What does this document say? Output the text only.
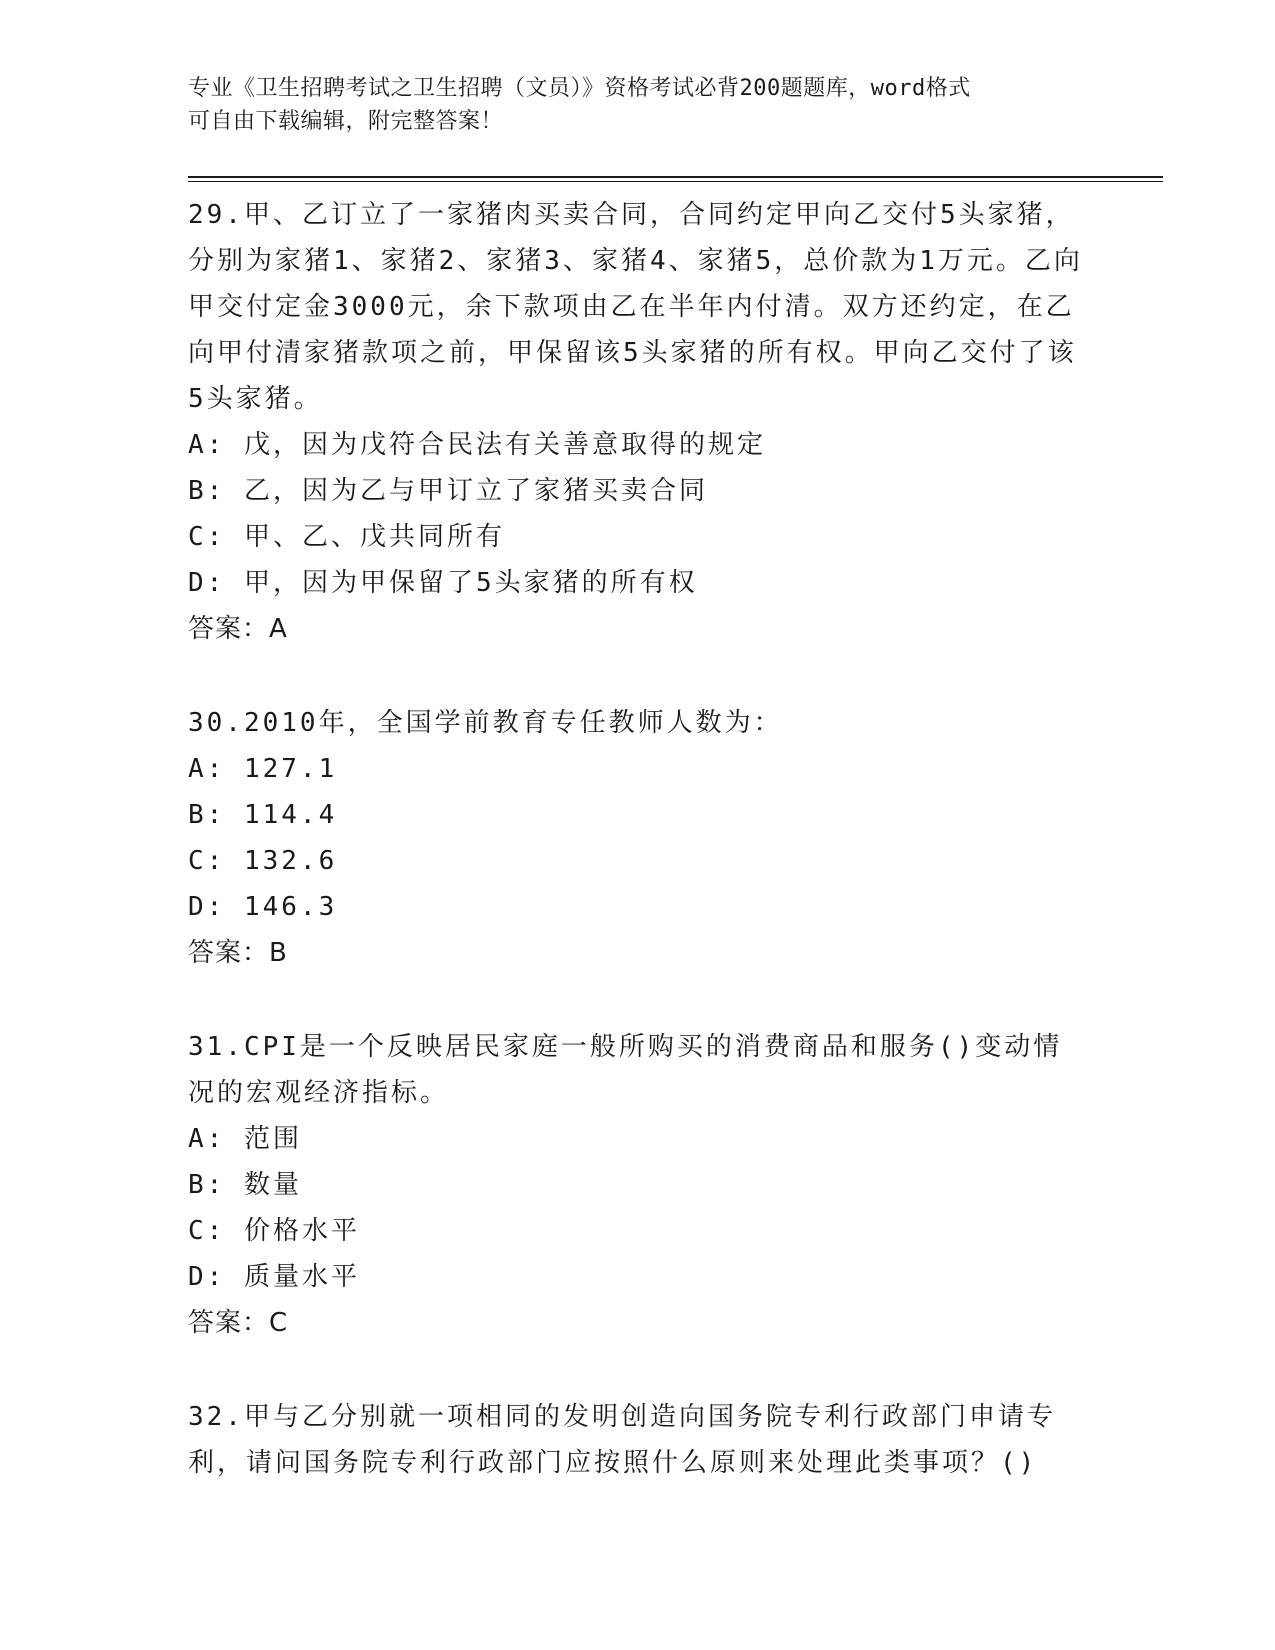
专业《卫生招聘考试之卫生招聘（文员）》资格考试必背200题题库，word格式
可自由下载编辑，附完整答案！
29.甲、乙订立了一家猪肉买卖合同，合同约定甲向乙交付5头家猪，分别为家猪1、家猪2、家猪3、家猪4、家猪5，总价款为1万元。乙向甲交付定金3000元，余下款项由乙在半年内付清。双方还约定，在乙向甲付清家猪款项之前，甲保留该5头家猪的所有权。甲向乙交付了该5头家猪。
A: 戊，因为戊符合民法有关善意取得的规定
B: 乙，因为乙与甲订立了家猪买卖合同
C: 甲、乙、戊共同所有
D: 甲，因为甲保留了5头家猪的所有权
答案：A
30.2010年，全国学前教育专任教师人数为：
A: 127.1
B: 114.4
C: 132.6
D: 146.3
答案：B
31.CPI是一个反映居民家庭一般所购买的消费商品和服务()变动情况的宏观经济指标。
A: 范围
B: 数量
C: 价格水平
D: 质量水平
答案：C
32.甲与乙分别就一项相同的发明创造向国务院专利行政部门申请专利，请问国务院专利行政部门应按照什么原则来处理此类事项？()
